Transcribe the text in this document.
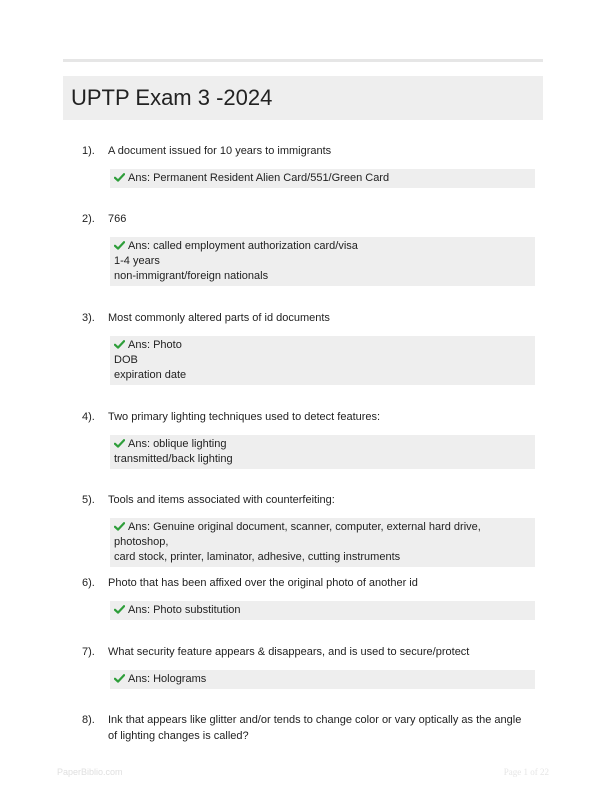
UPTP Exam 3 -2024
1). A document issued for 10 years to immigrants
Ans: Permanent Resident Alien Card/551/Green Card
2). 766
Ans: called employment authorization card/visa
1-4 years
non-immigrant/foreign nationals
3). Most commonly altered parts of id documents
Ans: Photo
DOB
expiration date
4). Two primary lighting techniques used to detect features:
Ans: oblique lighting
transmitted/back lighting
5). Tools and items associated with counterfeiting:
Ans: Genuine original document, scanner, computer, external hard drive, photoshop,
card stock, printer, laminator, adhesive, cutting instruments
6). Photo that has been affixed over the original photo of another id
Ans: Photo substitution
7). What security feature appears & disappears, and is used to secure/protect
Ans: Holograms
8). Ink that appears like glitter and/or tends to change color or vary optically as the angle of lighting changes is called?
PaperBiblio.com	Page 1 of 22
